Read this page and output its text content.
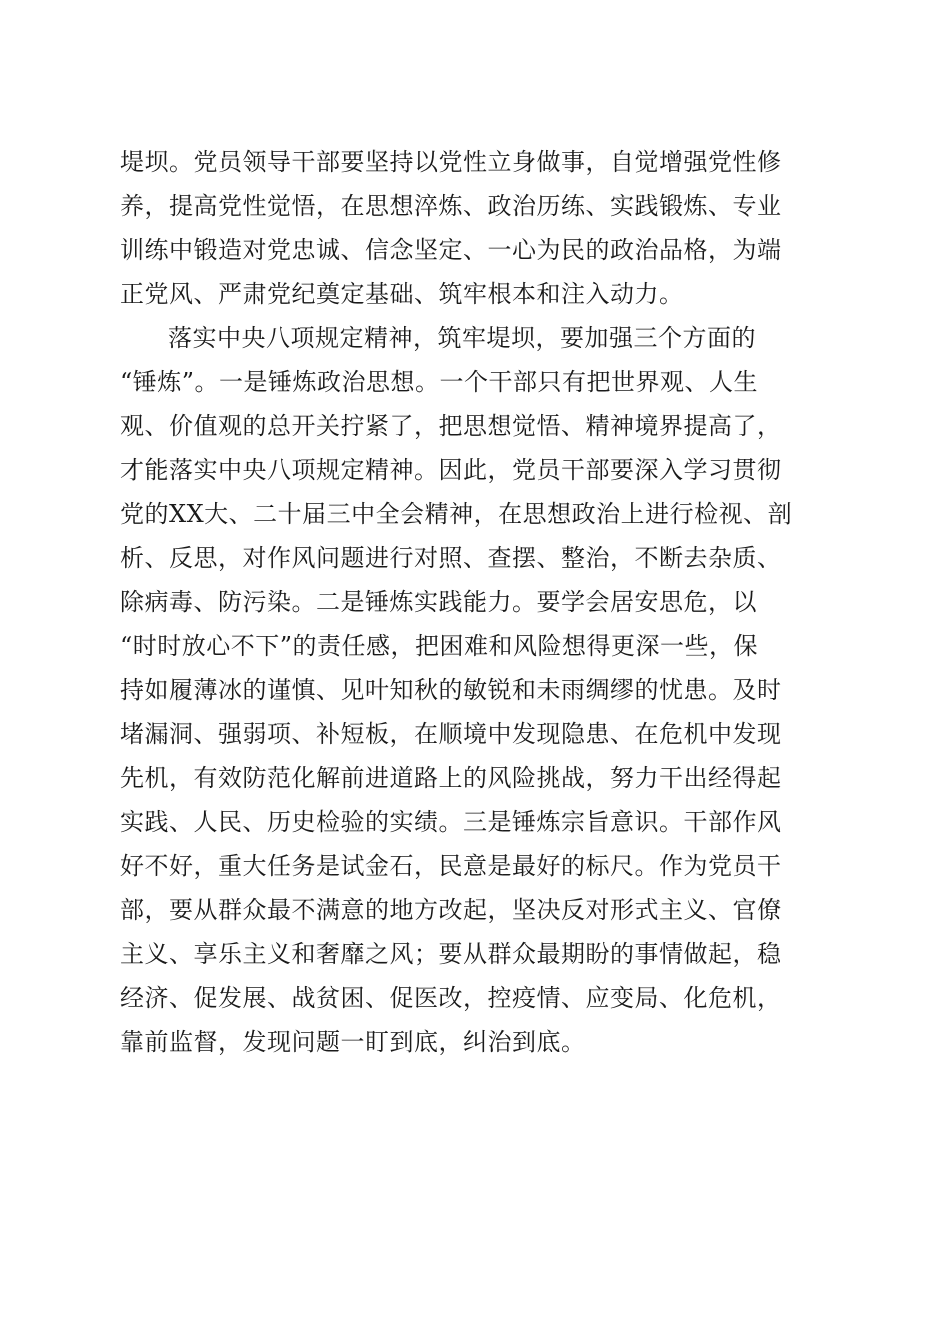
堤坝。党员领导干部要坚持以党性立身做事，自觉增强党性修
养，提高党性觉悟，在思想淬炼、政治历练、实践锻炼、专业
训练中锻造对党忠诚、信念坚定、一心为民的政治品格，为端
正党风、严肃党纪奠定基础、筑牢根本和注入动力。
落实中央八项规定精神，筑牢堤坝，要加强三个方面的
“锤炼”。一是锤炼政治思想。一个干部只有把世界观、人生
观、价值观的总开关拧紧了，把思想觉悟、精神境界提高了，
才能落实中央八项规定精神。因此，党员干部要深入学习贯彻
党的XX大、二十届三中全会精神，在思想政治上进行检视、剖
析、反思，对作风问题进行对照、查摆、整治，不断去杂质、
除病毒、防污染。二是锤炼实践能力。要学会居安思危，以
“时时放心不下”的责任感，把困难和风险想得更深一些，保
持如履薄冰的谨慎、见叶知秋的敏锐和未雨绸缪的忧患。及时
堵漏洞、强弱项、补短板，在顺境中发现隐患、在危机中发现
先机，有效防范化解前进道路上的风险挑战，努力干出经得起
实践、人民、历史检验的实绩。三是锤炼宗旨意识。干部作风
好不好，重大任务是试金石，民意是最好的标尺。作为党员干
部，要从群众最不满意的地方改起，坚决反对形式主义、官僚
主义、享乐主义和奢靡之风；要从群众最期盼的事情做起，稳
经济、促发展、战贫困、促医改，控疫情、应变局、化危机，
靠前监督，发现问题一盯到底，纠治到底。
